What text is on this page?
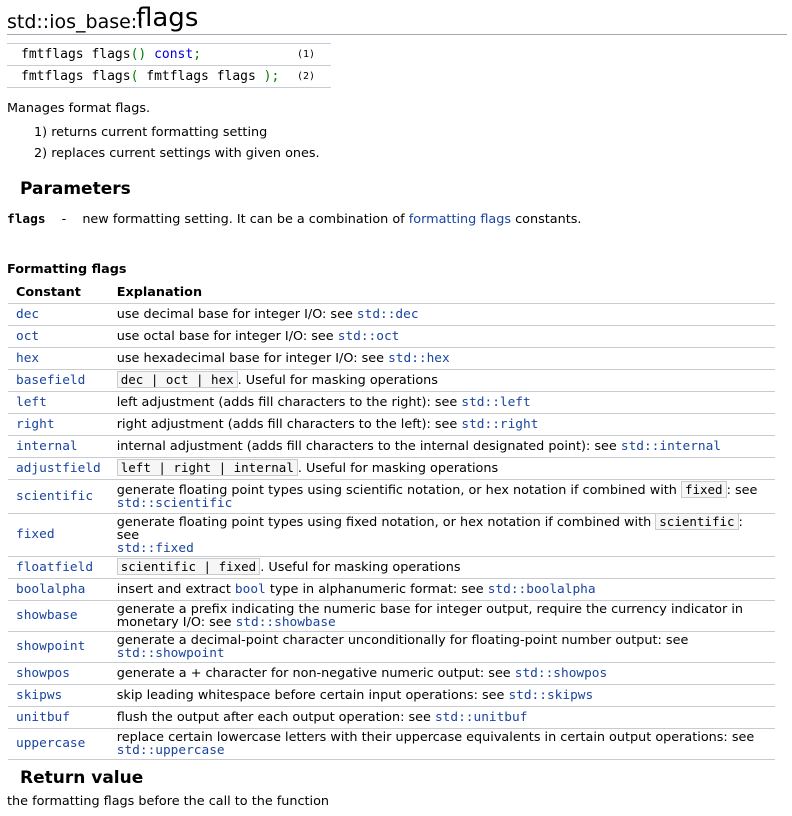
std::ios_base::
flags
fmtflags flags() const;	(1)
fmtflags flags( fmtflags flags ); (2)
Manages format flags.
1) returns current formatting setting
2) replaces current settings with given ones.
Parameters
flags - new formatting setting. It can be a combination of formatting flags constants.
Formatting flags
Constant	Explanation
dec	use decimal base for integer I/O: see std::dec
oct	use octal base for integer I/O: see std::oct
hex	use hexadecimal base for integer I/O: see std::hex
basefield	dec | oct | hex . Useful for masking operations
left	left adjustment (adds fill characters to the right): see std::left
right	right adjustment (adds fill characters to the left): see std::right
internal	internal adjustment (adds fill characters to the internal designated point): see std::internal
adjustfield	left | right | internal . Useful for masking operations
scientific	generate floating point types using scientific notation, or hex notation if combined with fixed : see
std::scientific
fixed	generate floating point types using fixed notation, or hex notation if combined with scientific : see
std::fixed
floatfield	scientific | fixed . Useful for masking operations
boolalpha	insert and extract bool type in alphanumeric format: see std::boolalpha
showbase	generate a prefix indicating the numeric base for integer output, require the currency indicator in monetary I/O: see std::showbase
showpoint	generate a decimal-point character unconditionally for floating-point number output: see
std::showpoint
showpos	generate a + character for non-negative numeric output: see std::showpos
skipws	skip leading whitespace before certain input operations: see std::skipws
unitbuf	flush the output after each output operation: see std::unitbuf
uppercase	replace certain lowercase letters with their uppercase equivalents in certain output operations: see
std::uppercase
Return value
the formatting flags before the call to the function
